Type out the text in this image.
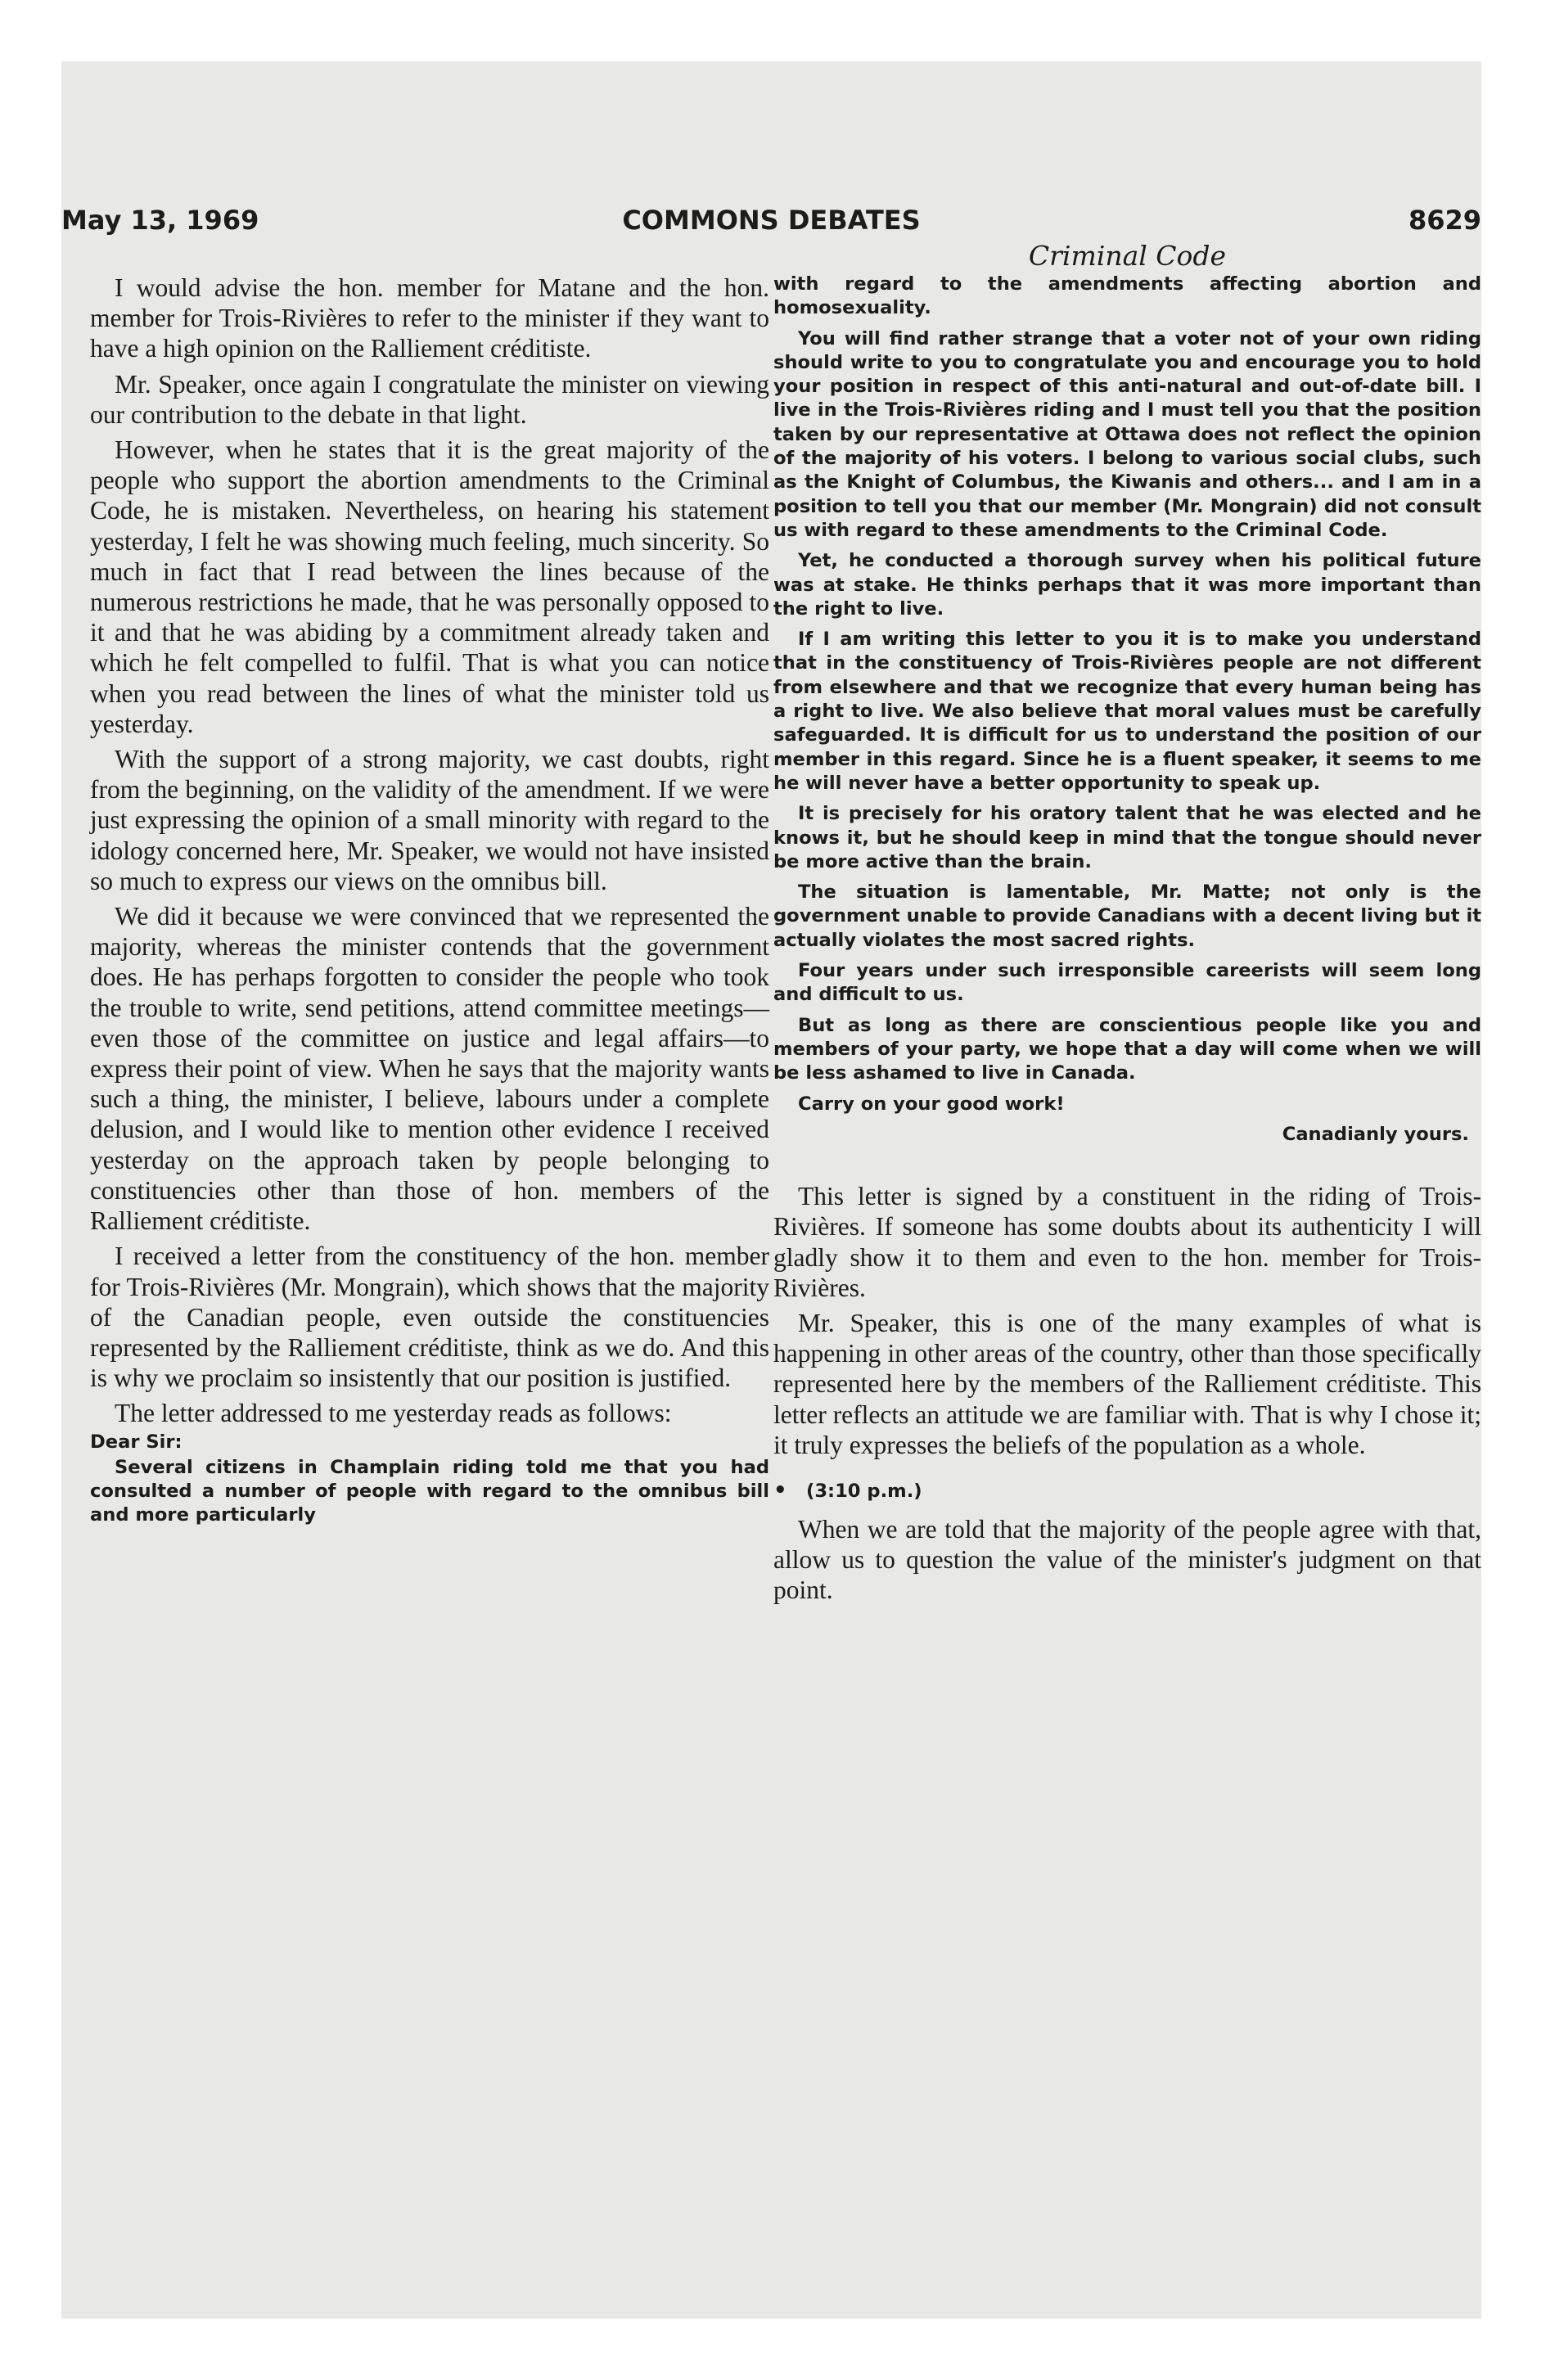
May 13, 1969	COMMONS DEBATES	8629
Criminal Code

I would advise the hon. member for Matane and the hon. member for Trois-Rivières to refer to the minister if they want to have a high opinion on the Ralliement créditiste.

Mr. Speaker, once again I congratulate the minister on viewing our contribution to the debate in that light.

However, when he states that it is the great majority of the people who support the abortion amendments to the Criminal Code, he is mistaken. Nevertheless, on hearing his statement yesterday, I felt he was showing much feeling, much sincerity. So much in fact that I read between the lines because of the numerous restrictions he made, that he was personally opposed to it and that he was abiding by a commitment already taken and which he felt compelled to fulfil. That is what you can notice when you read between the lines of what the minister told us yesterday.

With the support of a strong majority, we cast doubts, right from the beginning, on the validity of the amendment. If we were just expressing the opinion of a small minority with regard to the idology concerned here, Mr. Speaker, we would not have insisted so much to express our views on the omnibus bill.

We did it because we were convinced that we represented the majority, whereas the minister contends that the government does. He has perhaps forgotten to consider the people who took the trouble to write, send petitions, attend committee meetings—even those of the committee on justice and legal affairs—to express their point of view. When he says that the majority wants such a thing, the minister, I believe, labours under a complete delusion, and I would like to mention other evidence I received yesterday on the approach taken by people belonging to constituencies other than those of hon. members of the Ralliement créditiste.

I received a letter from the constituency of the hon. member for Trois-Rivières (Mr. Mongrain), which shows that the majority of the Canadian people, even outside the constituencies represented by the Ralliement créditiste, think as we do. And this is why we proclaim so insistently that our position is justified.

The letter addressed to me yesterday reads as follows:

Dear Sir:

Several citizens in Champlain riding told me that you had consulted a number of people with regard to the omnibus bill and more particularly

with regard to the amendments affecting abortion and homosexuality.

You will find rather strange that a voter not of your own riding should write to you to congratulate you and encourage you to hold your position in respect of this anti-natural and out-of-date bill. I live in the Trois-Rivières riding and I must tell you that the position taken by our representative at Ottawa does not reflect the opinion of the majority of his voters. I belong to various social clubs, such as the Knight of Columbus, the Kiwanis and others... and I am in a position to tell you that our member (Mr. Mongrain) did not consult us with regard to these amendments to the Criminal Code.

Yet, he conducted a thorough survey when his political future was at stake. He thinks perhaps that it was more important than the right to live.

If I am writing this letter to you it is to make you understand that in the constituency of Trois-Rivières people are not different from elsewhere and that we recognize that every human being has a right to live. We also believe that moral values must be carefully safeguarded. It is difficult for us to understand the position of our member in this regard. Since he is a fluent speaker, it seems to me he will never have a better opportunity to speak up.

It is precisely for his oratory talent that he was elected and he knows it, but he should keep in mind that the tongue should never be more active than the brain.

The situation is lamentable, Mr. Matte; not only is the government unable to provide Canadians with a decent living but it actually violates the most sacred rights.

Four years under such irresponsible careerists will seem long and difficult to us.

But as long as there are conscientious people like you and members of your party, we hope that a day will come when we will be less ashamed to live in Canada.

Carry on your good work!

Canadianly yours.

This letter is signed by a constituent in the riding of Trois-Rivières. If someone has some doubts about its authenticity I will gladly show it to them and even to the hon. member for Trois-Rivières.

Mr. Speaker, this is one of the many examples of what is happening in other areas of the country, other than those specifically represented here by the members of the Ralliement créditiste. This letter reflects an attitude we are familiar with. That is why I chose it; it truly expresses the beliefs of the population as a whole.

• (3:10 p.m.)

When we are told that the majority of the people agree with that, allow us to question the value of the minister's judgment on that point.
